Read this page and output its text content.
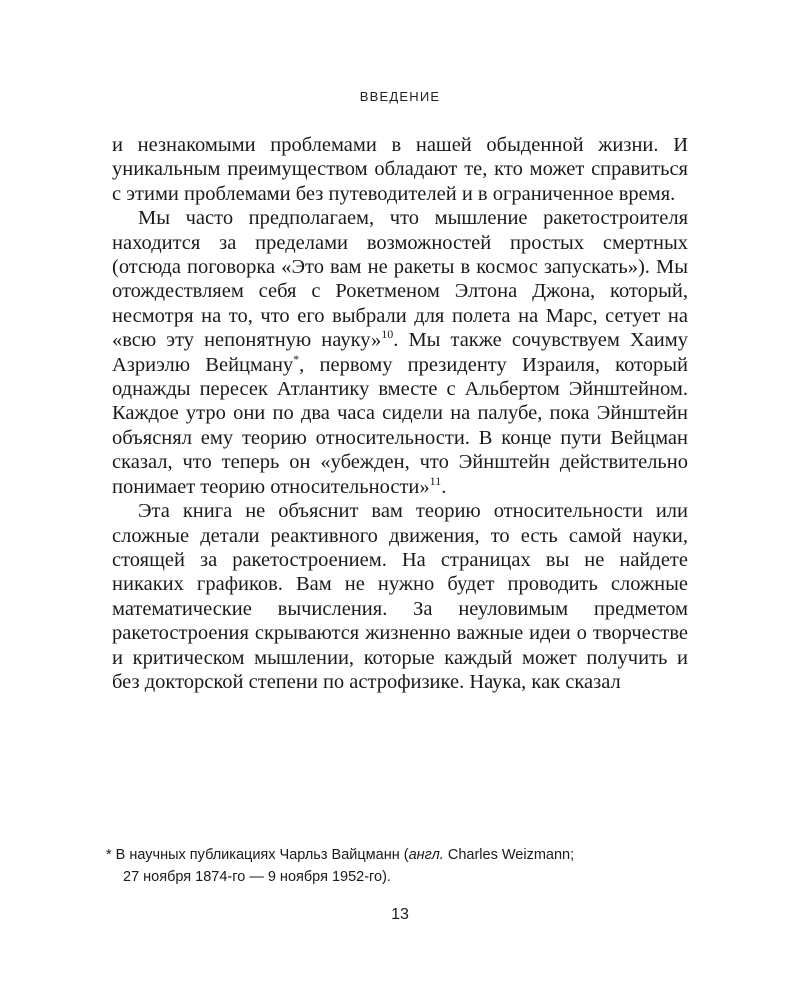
ВВЕДЕНИЕ

и незнакомыми проблемами в нашей обыденной жизни. И уникальным преимуществом обладают те, кто может справиться с этими проблемами без путеводителей и в ограниченное время.

Мы часто предполагаем, что мышление ракетостроителя находится за пределами возможностей простых смертных (отсюда поговорка «Это вам не ракеты в космос запускать»). Мы отождествляем себя с Рокетменом Элтона Джона, который, несмотря на то, что его выбрали для полета на Марс, сетует на «всю эту непонятную науку»$^{10}$. Мы также сочувствуем Хаиму Азриэлю Вейцману*, первому президенту Израиля, который однажды пересек Атлантику вместе с Альбертом Эйнштейном. Каждое утро они по два часа сидели на палубе, пока Эйнштейн объяснял ему теорию относительности. В конце пути Вейцман сказал, что теперь он «убежден, что Эйнштейн действительно понимает теорию относительности»$^{11}$.

Эта книга не объяснит вам теорию относительности или сложные детали реактивного движения, то есть самой науки, стоящей за ракетостроением. На страницах вы не найдете никаких графиков. Вам не нужно будет проводить сложные математические вычисления. За неуловимым предметом ракетостроения скрываются жизненно важные идеи о творчестве и критическом мышлении, которые каждый может получить и без докторской степени по астрофизике. Наука, как сказал

* В научных публикациях Чарльз Вайцманн (англ. Charles Weizmann;
27 ноября 1874-го — 9 ноября 1952-го).
13
